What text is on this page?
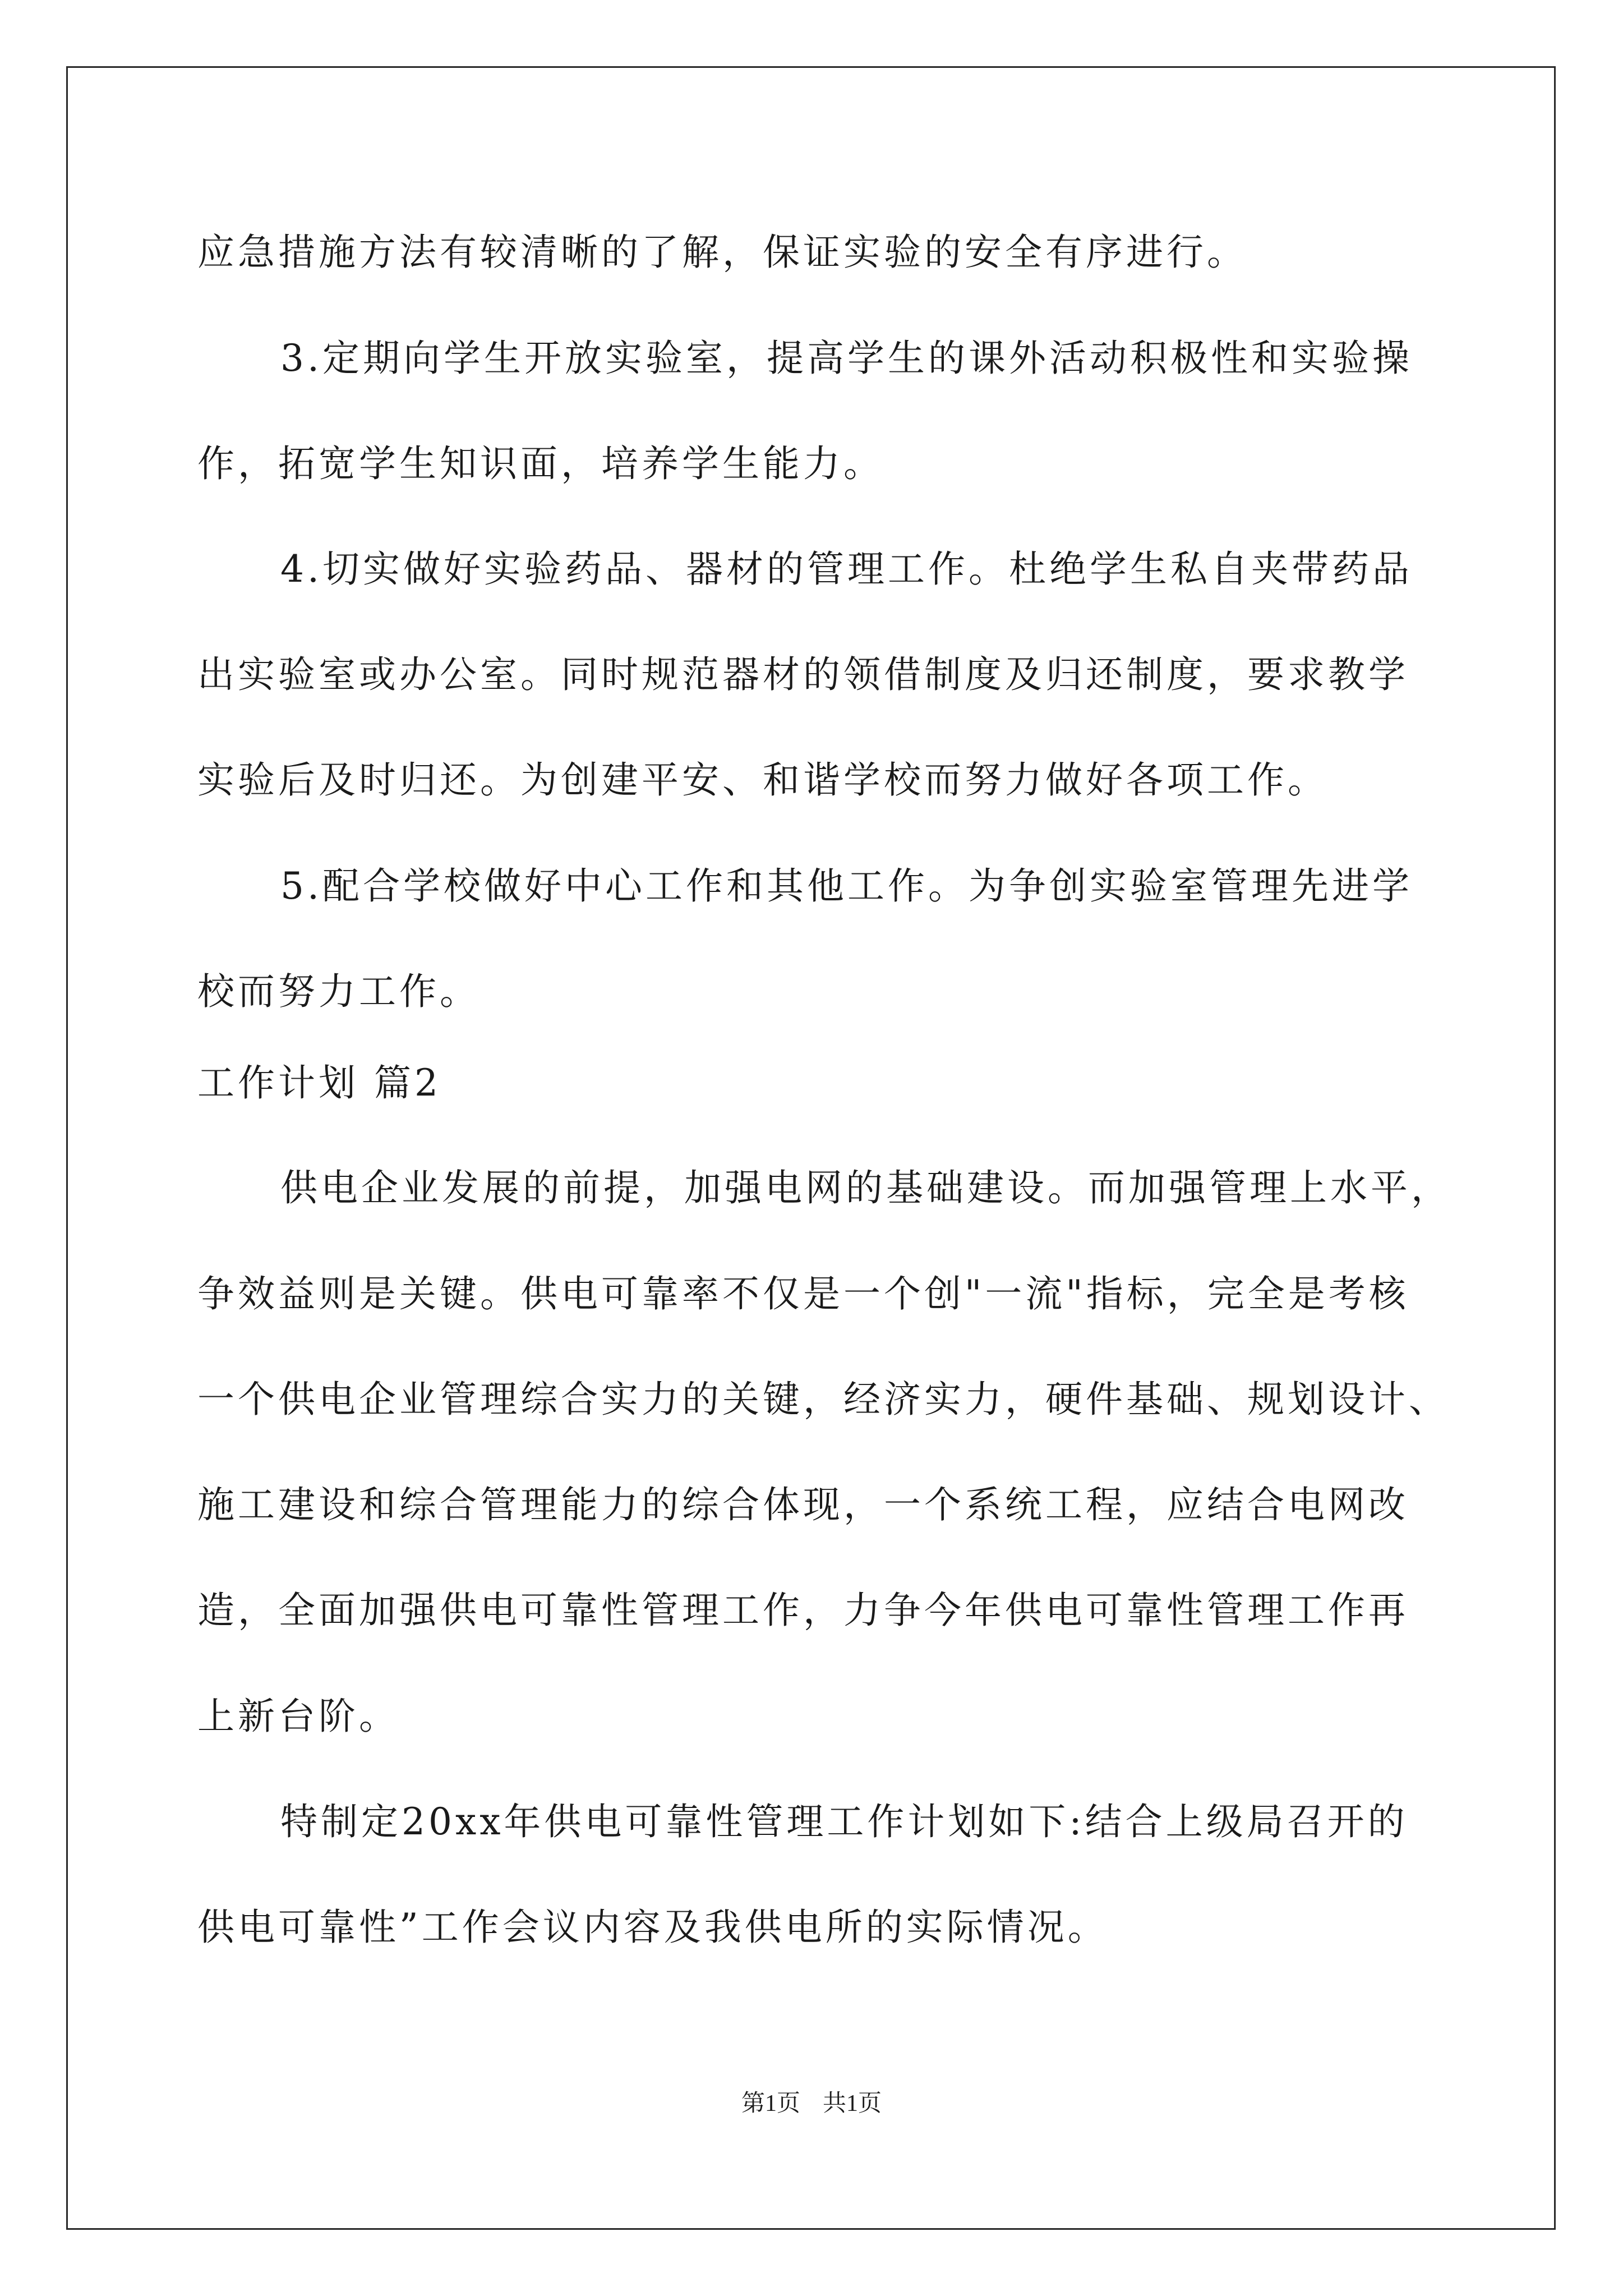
应急措施方法有较清晰的了解，保证实验的安全有序进行。
3.定期向学生开放实验室，提高学生的课外活动积极性和实验操
作，拓宽学生知识面，培养学生能力。
4.切实做好实验药品、器材的管理工作。杜绝学生私自夹带药品
出实验室或办公室。同时规范器材的领借制度及归还制度，要求教学
实验后及时归还。为创建平安、和谐学校而努力做好各项工作。
5.配合学校做好中心工作和其他工作。为争创实验室管理先进学
校而努力工作。
工作计划 篇2
供电企业发展的前提，加强电网的基础建设。而加强管理上水平，
争效益则是关键。供电可靠率不仅是一个创"一流"指标，完全是考核
一个供电企业管理综合实力的关键，经济实力，硬件基础、规划设计、
施工建设和综合管理能力的综合体现，一个系统工程，应结合电网改
造，全面加强供电可靠性管理工作，力争今年供电可靠性管理工作再
上新台阶。
特制定20xx年供电可靠性管理工作计划如下:结合上级局召开的
供电可靠性”工作会议内容及我供电所的实际情况。
第1页 共1页
